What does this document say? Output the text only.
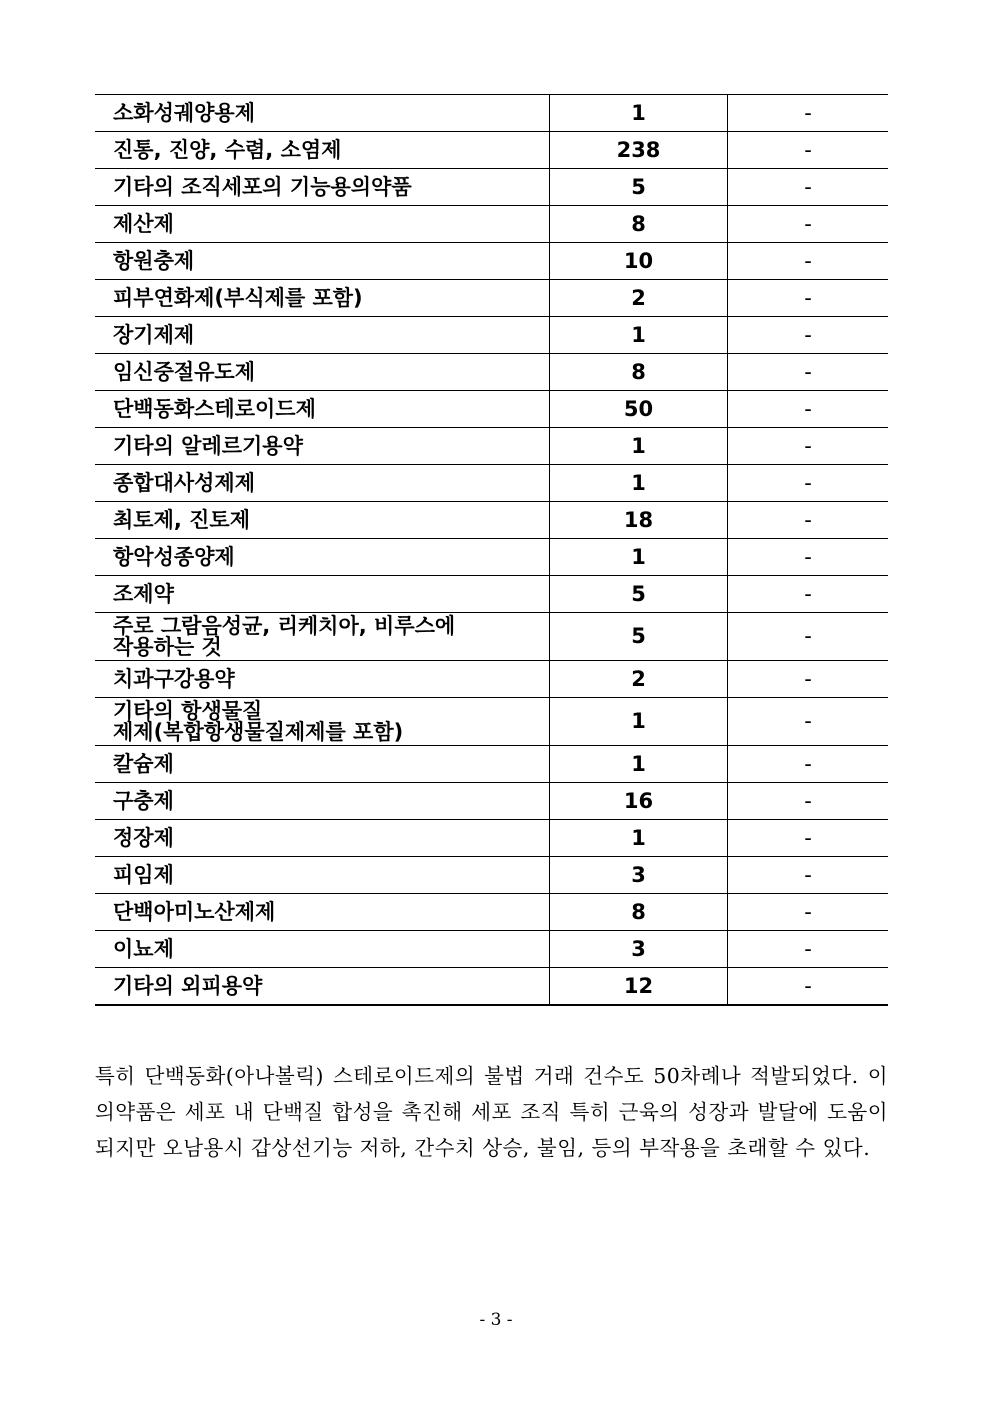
소화성궤양용제	1	-
진통, 진양, 수렴, 소염제	238	-
기타의 조직세포의 기능용의약품	5	-
제산제	8	-
항원충제	10	-
피부연화제(부식제를 포함)	2	-
장기제제	1	-
임신중절유도제	8	-
단백동화스테로이드제	50	-
기타의 알레르기용약	1	-
종합대사성제제	1	-
최토제, 진토제	18	-
항악성종양제	1	-
조제약	5	-

주로 그람음성균, 리케치아, 비루스에
작용하는 것	5	-
치과구강용약	2	-

기타의 항생물질
제제(복합항생물질제제를 포함)	1	-
칼슘제	1	-
구충제	16	-
정장제	1	-
피임제	3	-
단백아미노산제제	8	-
이뇨제	3	-
기타의 외피용약	12	-

특히 단백동화(아나볼릭) 스테로이드제의 불법 거래 건수도 50차례나 적발되었다. 이 의약품은 세포 내 단백질 합성을 촉진해 세포 조직 특히 근육의 성장과 발달에 도움이 되지만 오남용시 갑상선기능 저하, 간수치 상승, 불임, 등의 부작용을 초래할 수 있다.

- 3 -
